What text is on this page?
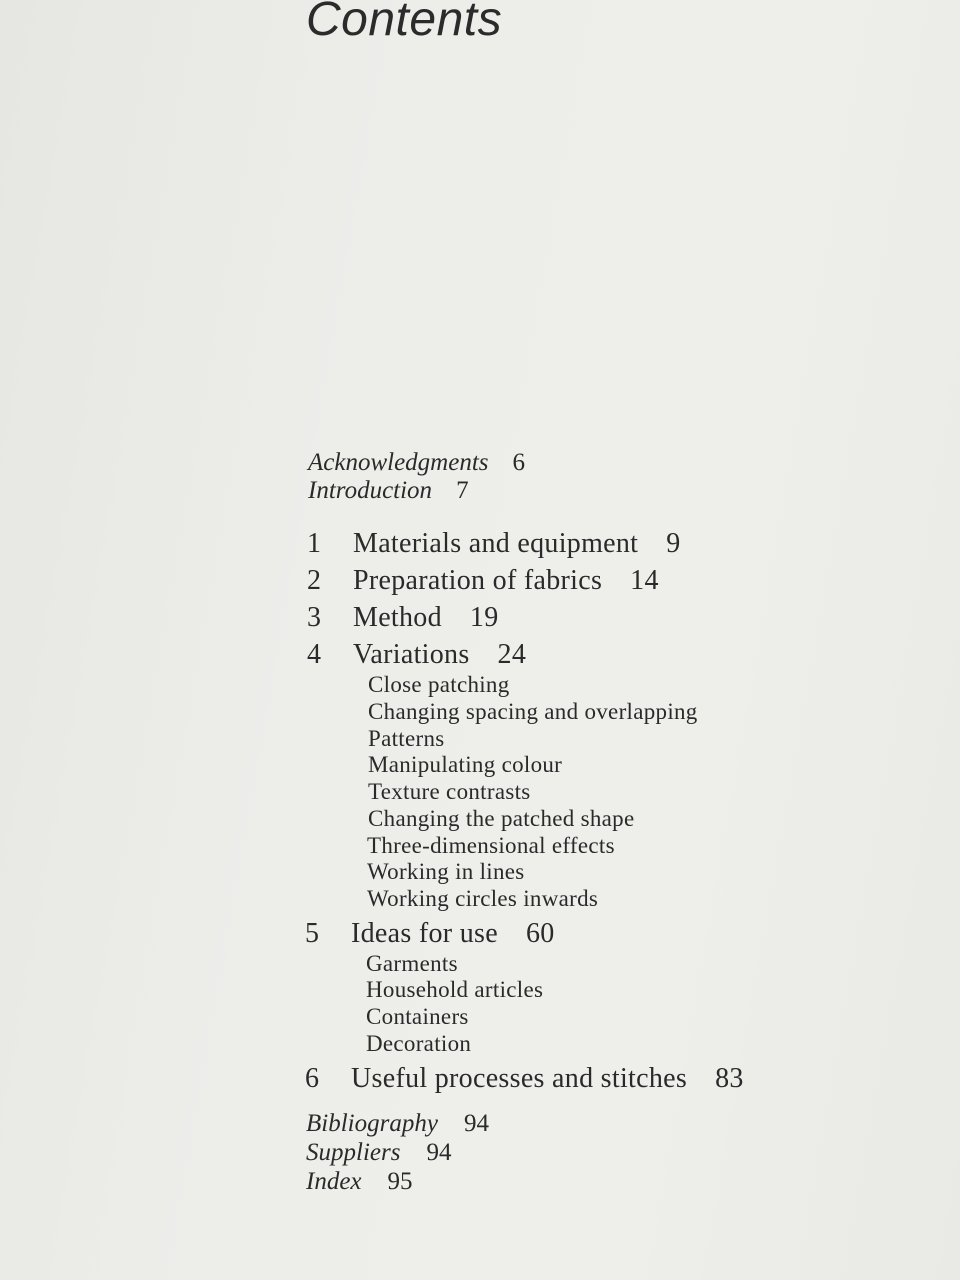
Contents
Acknowledgments 6
Introduction 7
1 Materials and equipment 9
2 Preparation of fabrics 14
3 Method 19
4 Variations 24
Close patching
Changing spacing and overlapping
Patterns
Manipulating colour
Texture contrasts
Changing the patched shape
Three-dimensional effects
Working in lines
Working circles inwards
5 Ideas for use 60
Garments
Household articles
Containers
Decoration
6 Useful processes and stitches 83
Bibliography 94
Suppliers 94
Index 95
